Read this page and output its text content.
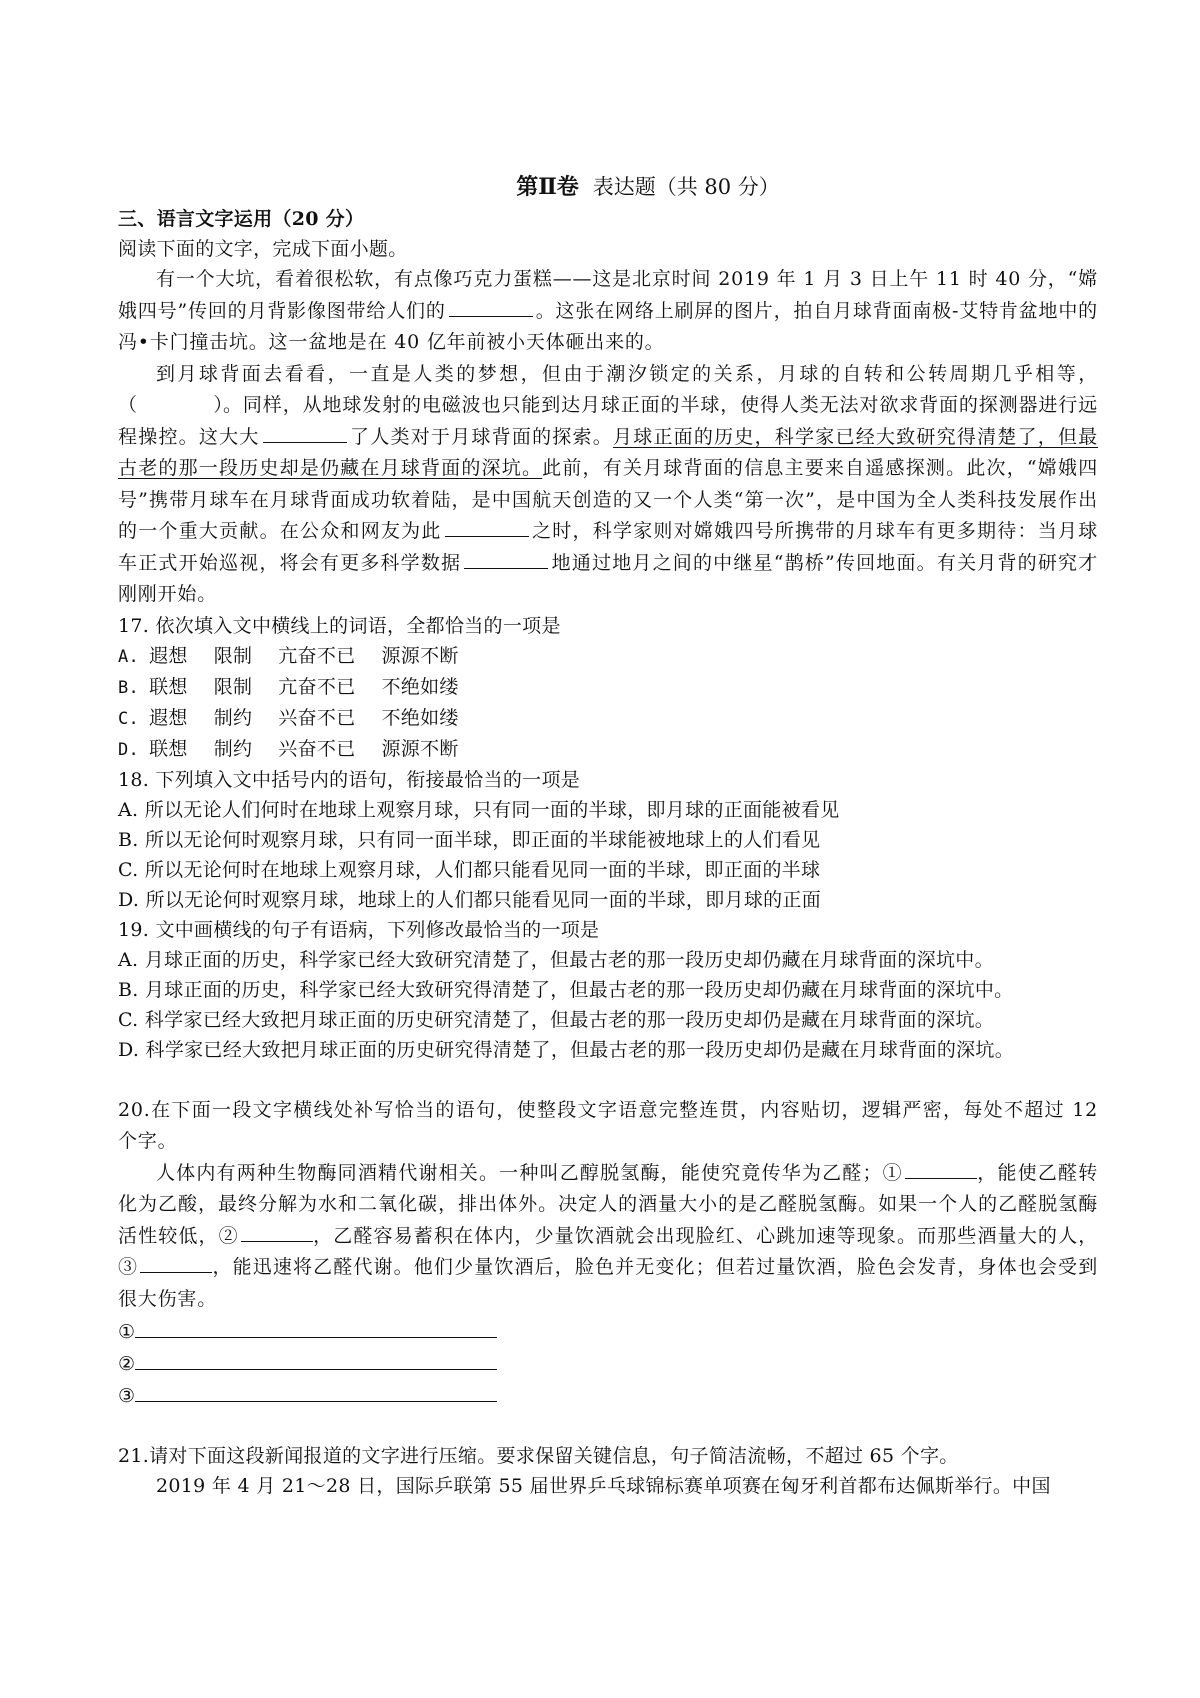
第Ⅱ卷 表达题（共 80 分）
三、语言文字运用（20 分）
阅读下面的文字，完成下面小题。
有一个大坑，看着很松软，有点像巧克力蛋糕——这是北京时间 2019 年 1 月 3 日上午 11 时 40 分，“嫦娥四号”传回的月背影像图带给人们的	。这张在网络上刷屏的图片，拍自月球背面南极-艾特肯盆地中的冯•卡门撞击坑。这一盆地是在 40 亿年前被小天体砸出来的。
到月球背面去看看，一直是人类的梦想，但由于潮汐锁定的关系，月球的自转和公转周期几乎相等，（　　　　）。同样，从地球发射的电磁波也只能到达月球正面的半球，使得人类无法对欲求背面的探测器进行远程操控。这大大	了人类对于月球背面的探索。月球正面的历史，科学家已经大致研究得清楚了，但最古老的那一段历史却是仍藏在月球背面的深坑。此前，有关月球背面的信息主要来自遥感探测。此次，“嫦娥四号”携带月球车在月球背面成功软着陆，是中国航天创造的又一个人类“第一次”，是中国为全人类科技发展作出的一个重大贡献。在公众和网友为此	之时，科学家则对嫦娥四号所携带的月球车有更多期待：当月球车正式开始巡视，将会有更多科学数据	地通过地月之间的中继星“鹊桥”传回地面。有关月背的研究才刚刚开始。
17. 依次填入文中横线上的词语，全都恰当的一项是
A. 遐想 限制 亢奋不已 源源不断
B. 联想 限制 亢奋不已 不绝如缕
C. 遐想 制约 兴奋不已 不绝如缕
D. 联想 制约 兴奋不已 源源不断
18. 下列填入文中括号内的语句，衔接最恰当的一项是
A. 所以无论人们何时在地球上观察月球，只有同一面的半球，即月球的正面能被看见
B. 所以无论何时观察月球，只有同一面半球，即正面的半球能被地球上的人们看见
C. 所以无论何时在地球上观察月球，人们都只能看见同一面的半球，即正面的半球
D. 所以无论何时观察月球，地球上的人们都只能看见同一面的半球，即月球的正面
19. 文中画横线的句子有语病，下列修改最恰当的一项是
A. 月球正面的历史，科学家已经大致研究清楚了，但最古老的那一段历史却仍藏在月球背面的深坑中。
B. 月球正面的历史，科学家已经大致研究得清楚了，但最古老的那一段历史却仍藏在月球背面的深坑中。
C. 科学家已经大致把月球正面的历史研究清楚了，但最古老的那一段历史却仍是藏在月球背面的深坑。
D. 科学家已经大致把月球正面的历史研究得清楚了，但最古老的那一段历史却仍是藏在月球背面的深坑。
20.在下面一段文字横线处补写恰当的语句，使整段文字语意完整连贯，内容贴切，逻辑严密，每处不超过 12 个字。
人体内有两种生物酶同酒精代谢相关。一种叫乙醇脱氢酶，能使究竟传华为乙醛；①	，能使乙醛转化为乙酸，最终分解为水和二氧化碳，排出体外。决定人的酒量大小的是乙醛脱氢酶。如果一个人的乙醛脱氢酶活性较低，②	，乙醛容易蓄积在体内，少量饮酒就会出现脸红、心跳加速等现象。而那些酒量大的人，③	，能迅速将乙醛代谢。他们少量饮酒后，脸色并无变化；但若过量饮酒，脸色会发青，身体也会受到很大伤害。
①
②
③
21.请对下面这段新闻报道的文字进行压缩。要求保留关键信息，句子简洁流畅，不超过 65 个字。
2019 年 4 月 21～28 日，国际乒联第 55 届世界乒乓球锦标赛单项赛在匈牙利首都布达佩斯举行。中国
